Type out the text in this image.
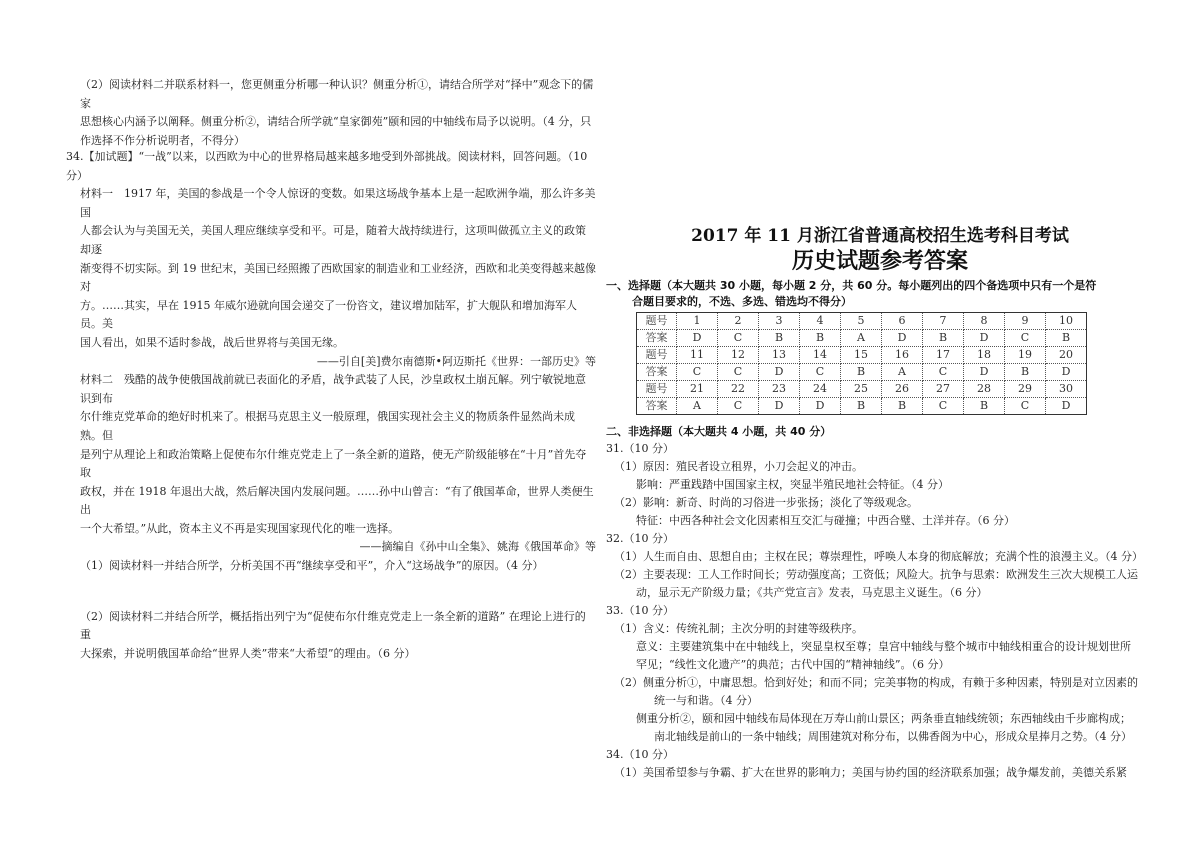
（2）阅读材料二并联系材料一，您更侧重分析哪一种认识？侧重分析①，请结合所学对“择中”观念下的儒家
思想核心内涵予以阐释。侧重分析②，请结合所学就“皇家御苑”颐和园的中轴线布局予以说明。（4 分，只
作选择不作分析说明者，不得分）
34.【加试题】“一战”以来，以西欧为中心的世界格局越来越多地受到外部挑战。阅读材料，回答问题。（10 分）
材料一　1917 年，美国的参战是一个令人惊讶的变数。如果这场战争基本上是一起欧洲争端，那么许多美国
人都会认为与美国无关，美国人理应继续享受和平。可是，随着大战持续进行，这项叫做孤立主义的政策却逐
渐变得不切实际。到 19 世纪末，美国已经照搬了西欧国家的制造业和工业经济，西欧和北美变得越来越像对
方。……其实，早在 1915 年威尔逊就向国会递交了一份咨文，建议增加陆军，扩大舰队和增加海军人员。美
国人看出，如果不适时参战，战后世界将与美国无缘。
——引自[美]费尔南德斯•阿迈斯托《世界：一部历史》等
材料二　残酷的战争使俄国战前就已表面化的矛盾，战争武装了人民，沙皇政权土崩瓦解。列宁敏锐地意识到布
尔什维克党革命的绝好时机来了。根据马克思主义一般原理，俄国实现社会主义的物质条件显然尚未成熟。但
是列宁从理论上和政治策略上促使布尔什维克党走上了一条全新的道路，使无产阶级能够在“十月”首先夺取
政权，并在 1918 年退出大战，然后解决国内发展问题。……孙中山曾言：“有了俄国革命，世界人类便生出
一个大希望。”从此，资本主义不再是实现国家现代化的唯一选择。
——摘编自《孙中山全集》、姚海《俄国革命》等
（1）阅读材料一并结合所学，分析美国不再“继续享受和平”，介入“这场战争”的原因。（4 分）
（2）阅读材料二并结合所学，概括指出列宁为“促使布尔什维克党走上一条全新的道路” 在理论上进行的重
大探索，并说明俄国革命给“世界人类”带来“大希望”的理由。（6 分）
2017 年 11 月浙江省普通高校招生选考科目考试
历史试题参考答案
一、选择题（本大题共 30 小题，每小题 2 分，共 60 分。每小题列出的四个备选项中只有一个是符
合题目要求的，不选、多选、错选均不得分）
题号	1	2	3	4	5	6	7	8	9	10
答案	D	C	B	B	A	D	B	D	C	B
题号	11	12	13	14	15	16	17	18	19	20
答案	C	C	D	C	B	A	C	D	B	D
题号	21	22	23	24	25	26	27	28	29	30
答案	A	C	D	D	B	B	C	B	C	D
二、非选择题（本大题共 4 小题，共 40 分）
31.（10 分）
（1）原因：殖民者设立租界，小刀会起义的冲击。
影响：严重践踏中国国家主权，突显半殖民地社会特征。（4 分）
（2）影响：新奇、时尚的习俗进一步张扬；淡化了等级观念。
特征：中西各种社会文化因素相互交汇与碰撞；中西合璧、土洋并存。（6 分）
32.（10 分）
（1）人生而自由、思想自由；主权在民；尊崇理性，呼唤人本身的彻底解放；充满个性的浪漫主义。（4 分）
（2）主要表现：工人工作时间长；劳动强度高；工资低；风险大。抗争与思索：欧洲发生三次大规模工人运
动，显示无产阶级力量；《共产党宣言》发表，马克思主义诞生。（6 分）
33.（10 分）
（1）含义：传统礼制；主次分明的封建等级秩序。
意义：主要建筑集中在中轴线上，突显皇权至尊；皇宫中轴线与整个城市中轴线相重合的设计规划世所
罕见；“线性文化遗产”的典范；古代中国的“精神轴线”。（6 分）
（2）侧重分析①，中庸思想。恰到好处；和而不同；完美事物的构成，有赖于多种因素，特别是对立因素的
统一与和谐。（4 分）
侧重分析②，颐和园中轴线布局体现在万寿山前山景区；两条垂直轴线统领；东西轴线由千步廊构成；
南北轴线是前山的一条中轴线；周围建筑对称分布，以佛香阁为中心，形成众星捧月之势。（4 分）
34.（10 分）
（1）美国希望参与争霸、扩大在世界的影响力；美国与协约国的经济联系加强；战争爆发前，美德关系紧
